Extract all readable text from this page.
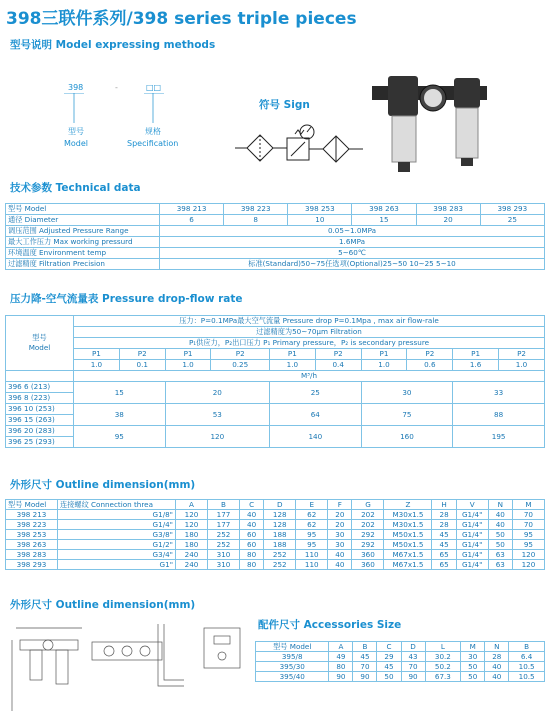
398三联件系列/398 series triple pieces
型号说明 Model expressing methods
398	-	□□
型号
Model
规格
Specification
符号 Sign
技术参数 Technical data
型号 Model	398 213	398 223	398 253	398 263	398 283	398 293
通径 Diameter	6	8	10	15	20	25
调压范围 Adjusted Pressure Range	0.05~1.0MPa					
最大工作压力 Max working pressurd	1.6MPa					
环境温度 Environment temp	5~60℃					
过滤精度 Filtration Precision	标准(Standard)50~75任选项(Optional)25~50 10~25 5~10					
压力降-空气流量表 Pressure drop-flow rate
型号
Model	压力：P=0.1MPa最大空气流量 Pressure drop P=0.1Mpa , max air flow-rale									
	过滤精度为50~70μm Filtration									
	P₁供应力，P₂出口压力 P₁ Primary pressure，P₂ is secondary pressure									
	P1	P2	P1	P2	P1	P2	P1	P2	P1	P2
	1.0	0.1	1.0	0.25	1.0	0.4	1.0	0.6	1.6	1.0
	M³/h									
396 6 (213)	15		20		25		30		33	
396 8 (223)										
396 10 (253)	38		53		64		75		88	
396 15 (263)										
396 20 (283)	95		120		140		160		195	
396 25 (293)										
外形尺寸 Outline dimension(mm)
型号 Model	连接螺纹 Connection threa	A	B	C	D	E	F	G	Z	H	V	N	M
398 213	G1/8"	120	177	40	128	62	20	202	M30x1.5	28	G1/4"	40	70
398 223	G1/4"	120	177	40	128	62	20	202	M30x1.5	28	G1/4"	40	70
398 253	G3/8"	180	252	60	188	95	30	292	M50x1.5	45	G1/4"	50	95
398 263	G1/2"	180	252	60	188	95	30	292	M50x1.5	45	G1/4"	50	95
398 283	G3/4"	240	310	80	252	110	40	360	M67x1.5	65	G1/4"	63	120
398 293	G1"	240	310	80	252	110	40	360	M67x1.5	65	G1/4"	63	120
外形尺寸 Outline dimension(mm)
配件尺寸 Accessories Size
型号 Model	A	B	C	D	L	M	N	B
395/8	49	45	29	43	30.2	30	28	6.4
395/30	80	70	45	70	50.2	50	40	10.5
395/40	90	90	50	90	67.3	50	40	10.5
